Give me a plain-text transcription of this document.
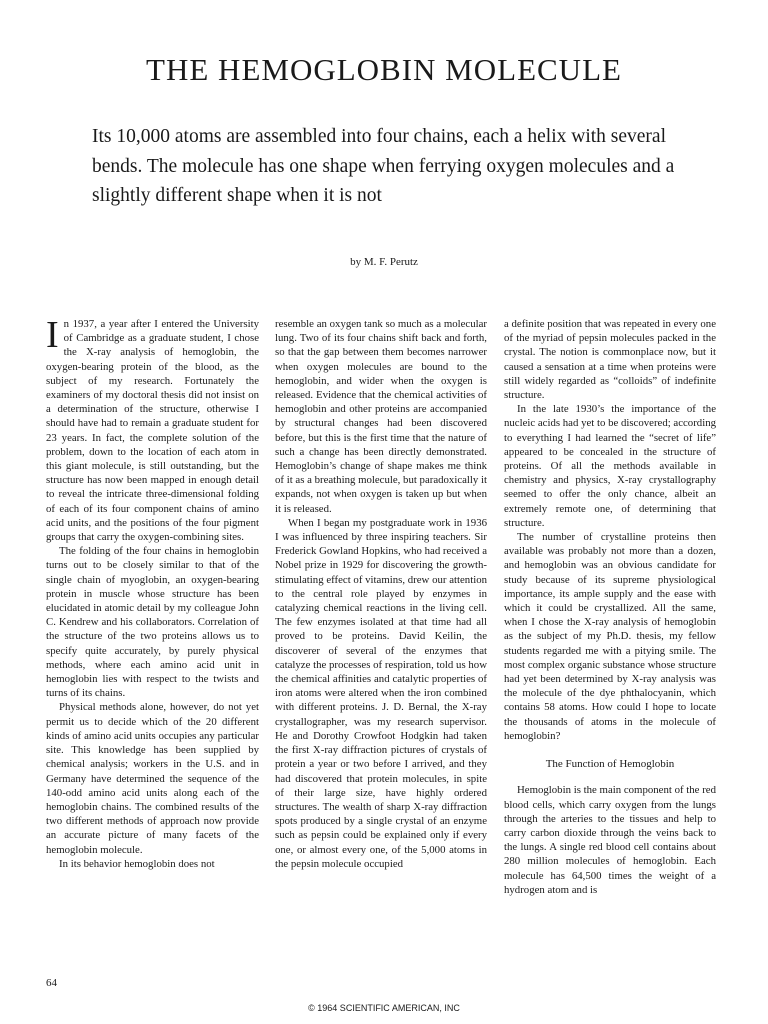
THE HEMOGLOBIN MOLECULE

Its 10,000 atoms are assembled into four chains, each a helix with several bends. The molecule has one shape when ferrying oxygen molecules and a slightly different shape when it is not

by M. F. Perutz

In 1937, a year after I entered the University of Cambridge as a graduate student, I chose the X-ray analysis of hemoglobin, the oxygen-bearing protein of the blood, as the subject of my research. Fortunately the examiners of my doctoral thesis did not insist on a determination of the structure, otherwise I should have had to remain a graduate student for 23 years. In fact, the complete solution of the problem, down to the location of each atom in this giant molecule, is still outstanding, but the structure has now been mapped in enough detail to reveal the intricate three-dimensional folding of each of its four component chains of amino acid units, and the positions of the four pigment groups that carry the oxygen-combining sites.

The folding of the four chains in hemoglobin turns out to be closely similar to that of the single chain of myoglobin, an oxygen-bearing protein in muscle whose structure has been elucidated in atomic detail by my colleague John C. Kendrew and his collaborators. Correlation of the structure of the two proteins allows us to specify quite accurately, by purely physical methods, where each amino acid unit in hemoglobin lies with respect to the twists and turns of its chains.

Physical methods alone, however, do not yet permit us to decide which of the 20 different kinds of amino acid units occupies any particular site. This knowledge has been supplied by chemical analysis; workers in the U.S. and in Germany have determined the sequence of the 140-odd amino acid units along each of the hemoglobin chains. The combined results of the two different methods of approach now provide an accurate picture of many facets of the hemoglobin molecule.

In its behavior hemoglobin does not

resemble an oxygen tank so much as a molecular lung. Two of its four chains shift back and forth, so that the gap between them becomes narrower when oxygen molecules are bound to the hemoglobin, and wider when the oxygen is released. Evidence that the chemical activities of hemoglobin and other proteins are accompanied by structural changes had been discovered before, but this is the first time that the nature of such a change has been directly demonstrated. Hemoglobin’s change of shape makes me think of it as a breathing molecule, but paradoxically it expands, not when oxygen is taken up but when it is released.

When I began my postgraduate work in 1936 I was influenced by three inspiring teachers. Sir Frederick Gowland Hopkins, who had received a Nobel prize in 1929 for discovering the growth-stimulating effect of vitamins, drew our attention to the central role played by enzymes in catalyzing chemical reactions in the living cell. The few enzymes isolated at that time had all proved to be proteins. David Keilin, the discoverer of several of the enzymes that catalyze the processes of respiration, told us how the chemical affinities and catalytic properties of iron atoms were altered when the iron combined with different proteins. J. D. Bernal, the X-ray crystallographer, was my research supervisor. He and Dorothy Crowfoot Hodgkin had taken the first X-ray diffraction pictures of crystals of protein a year or two before I arrived, and they had discovered that protein molecules, in spite of their large size, have highly ordered structures. The wealth of sharp X-ray diffraction spots produced by a single crystal of an enzyme such as pepsin could be explained only if every one, or almost every one, of the 5,000 atoms in the pepsin molecule occupied

a definite position that was repeated in every one of the myriad of pepsin molecules packed in the crystal. The notion is commonplace now, but it caused a sensation at a time when proteins were still widely regarded as “colloids” of indefinite structure.

In the late 1930’s the importance of the nucleic acids had yet to be discovered; according to everything I had learned the “secret of life” appeared to be concealed in the structure of proteins. Of all the methods available in chemistry and physics, X-ray crystallography seemed to offer the only chance, albeit an extremely remote one, of determining that structure.

The number of crystalline proteins then available was probably not more than a dozen, and hemoglobin was an obvious candidate for study because of its supreme physiological importance, its ample supply and the ease with which it could be crystallized. All the same, when I chose the X-ray analysis of hemoglobin as the subject of my Ph.D. thesis, my fellow students regarded me with a pitying smile. The most complex organic substance whose structure had yet been determined by X-ray analysis was the molecule of the dye phthalocyanin, which contains 58 atoms. How could I hope to locate the thousands of atoms in the molecule of hemoglobin?

The Function of Hemoglobin

Hemoglobin is the main component of the red blood cells, which carry oxygen from the lungs through the arteries to the tissues and help to carry carbon dioxide through the veins back to the lungs. A single red blood cell contains about 280 million molecules of hemoglobin. Each molecule has 64,500 times the weight of a hydrogen atom and is

64
© 1964 SCIENTIFIC AMERICAN, INC
